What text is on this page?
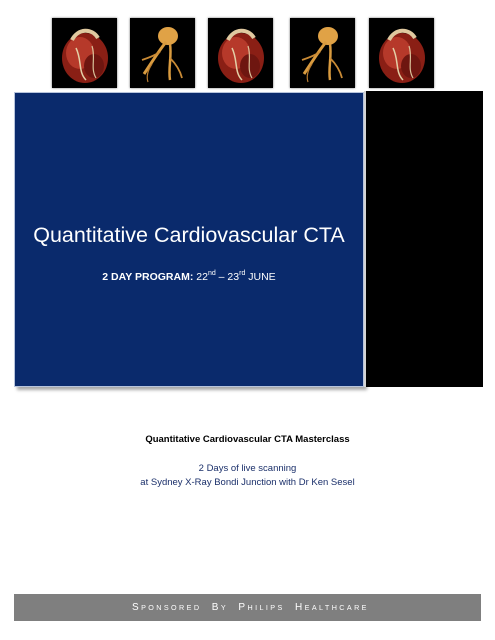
Quantitative Cardiovascular CTA
2 DAY PROGRAM: 22nd – 23rd JUNE
Quantitative Cardiovascular CTA Masterclass
2 Days of live scanning
at Sydney X-Ray Bondi Junction with Dr Ken Sesel
SPONSORED BY PHILIPS HEALTHCARE
